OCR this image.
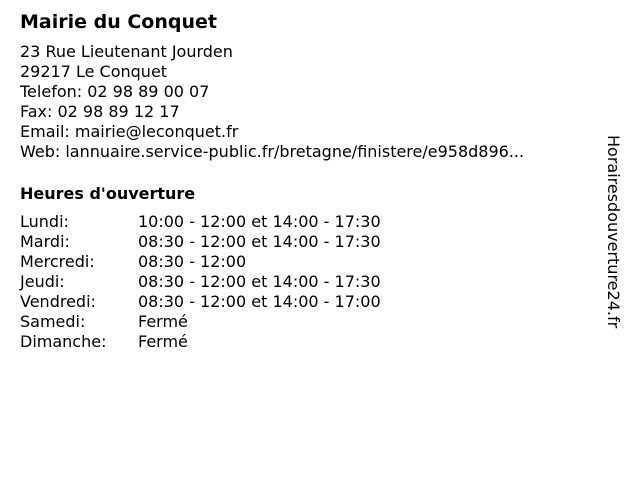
Mairie du Conquet
23 Rue Lieutenant Jourden
29217 Le Conquet
Telefon: 02 98 89 00 07
Fax: 02 98 89 12 17
Email: mairie@leconquet.fr
Web: lannuaire.service-public.fr/bretagne/finistere/e958d896...
Heures d'ouverture
Lundi:	10:00 - 12:00 et 14:00 - 17:30
Mardi:	08:30 - 12:00 et 14:00 - 17:30
Mercredi:	08:30 - 12:00
Jeudi:	08:30 - 12:00 et 14:00 - 17:30
Vendredi:	08:30 - 12:00 et 14:00 - 17:00
Samedi:	Fermé
Dimanche:	Fermé
Horairesdouverture24.fr
